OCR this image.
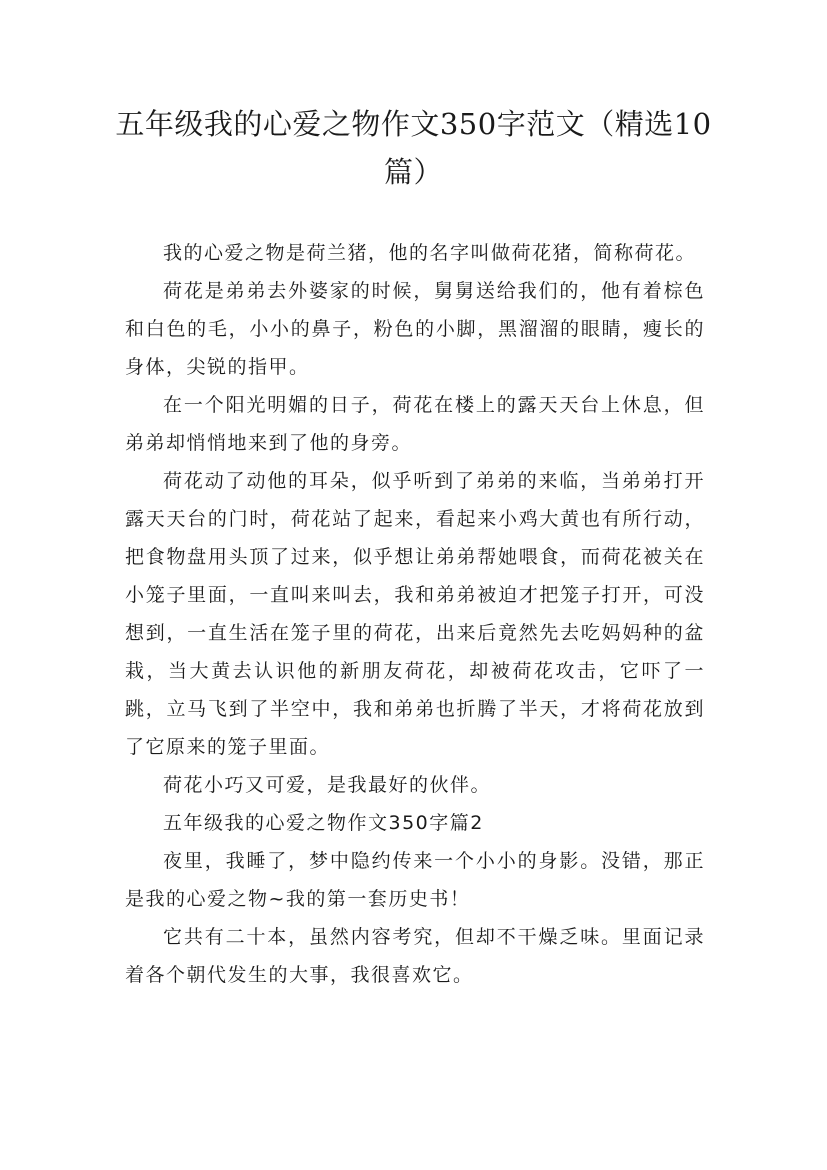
五年级我的心爱之物作文350字范文（精选10篇）

我的心爱之物是荷兰猪，他的名字叫做荷花猪，简称荷花。

荷花是弟弟去外婆家的时候，舅舅送给我们的，他有着棕色和白色的毛，小小的鼻子，粉色的小脚，黑溜溜的眼睛，瘦长的身体，尖锐的指甲。

在一个阳光明媚的日子，荷花在楼上的露天天台上休息，但弟弟却悄悄地来到了他的身旁。

荷花动了动他的耳朵，似乎听到了弟弟的来临，当弟弟打开露天天台的门时，荷花站了起来，看起来小鸡大黄也有所行动，把食物盘用头顶了过来，似乎想让弟弟帮她喂食，而荷花被关在小笼子里面，一直叫来叫去，我和弟弟被迫才把笼子打开，可没想到，一直生活在笼子里的荷花，出来后竟然先去吃妈妈种的盆栽，当大黄去认识他的新朋友荷花，却被荷花攻击，它吓了一跳，立马飞到了半空中，我和弟弟也折腾了半天，才将荷花放到了它原来的笼子里面。

荷花小巧又可爱，是我最好的伙伴。

五年级我的心爱之物作文350字篇2

夜里，我睡了，梦中隐约传来一个小小的身影。没错，那正是我的心爱之物~我的第一套历史书！

它共有二十本，虽然内容考究，但却不干燥乏味。里面记录着各个朝代发生的大事，我很喜欢它。
